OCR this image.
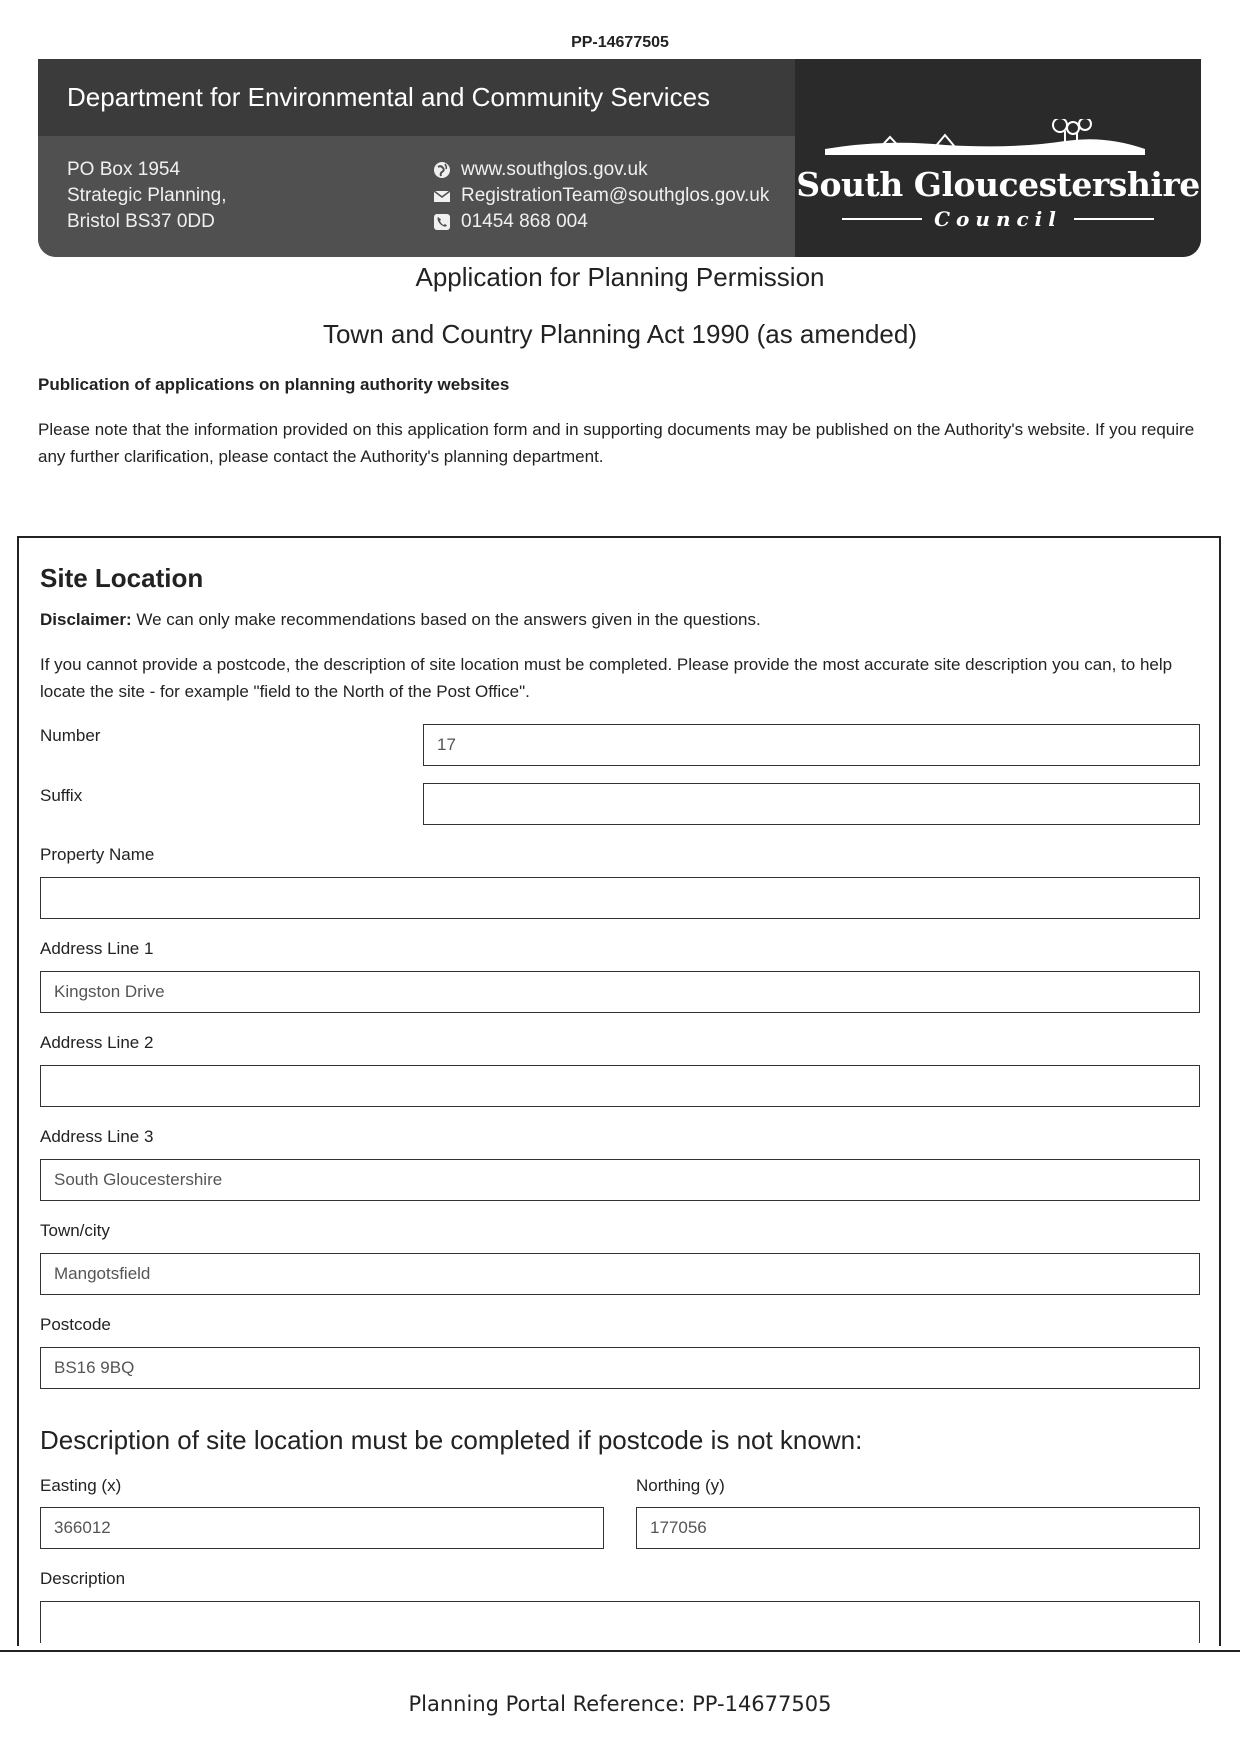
PP-14677505
Department for Environmental and Community Services
PO Box 1954
Strategic Planning,
Bristol BS37 0DD
www.southglos.gov.uk
RegistrationTeam@southglos.gov.uk
01454 868 004
South Gloucestershire
Council
Application for Planning Permission
Town and Country Planning Act 1990 (as amended)
Publication of applications on planning authority websites
Please note that the information provided on this application form and in supporting documents may be published on the Authority's website. If you require any further clarification, please contact the Authority's planning department.
Site Location
Disclaimer: We can only make recommendations based on the answers given in the questions.
If you cannot provide a postcode, the description of site location must be completed. Please provide the most accurate site description you can, to help locate the site - for example "field to the North of the Post Office".
Number	17
Suffix
Property Name
Address Line 1
Kingston Drive
Address Line 2
Address Line 3
South Gloucestershire
Town/city
Mangotsfield
Postcode
BS16 9BQ
Description of site location must be completed if postcode is not known:
Easting (x)
366012
Northing (y)
177056
Description
Planning Portal Reference: PP-14677505
